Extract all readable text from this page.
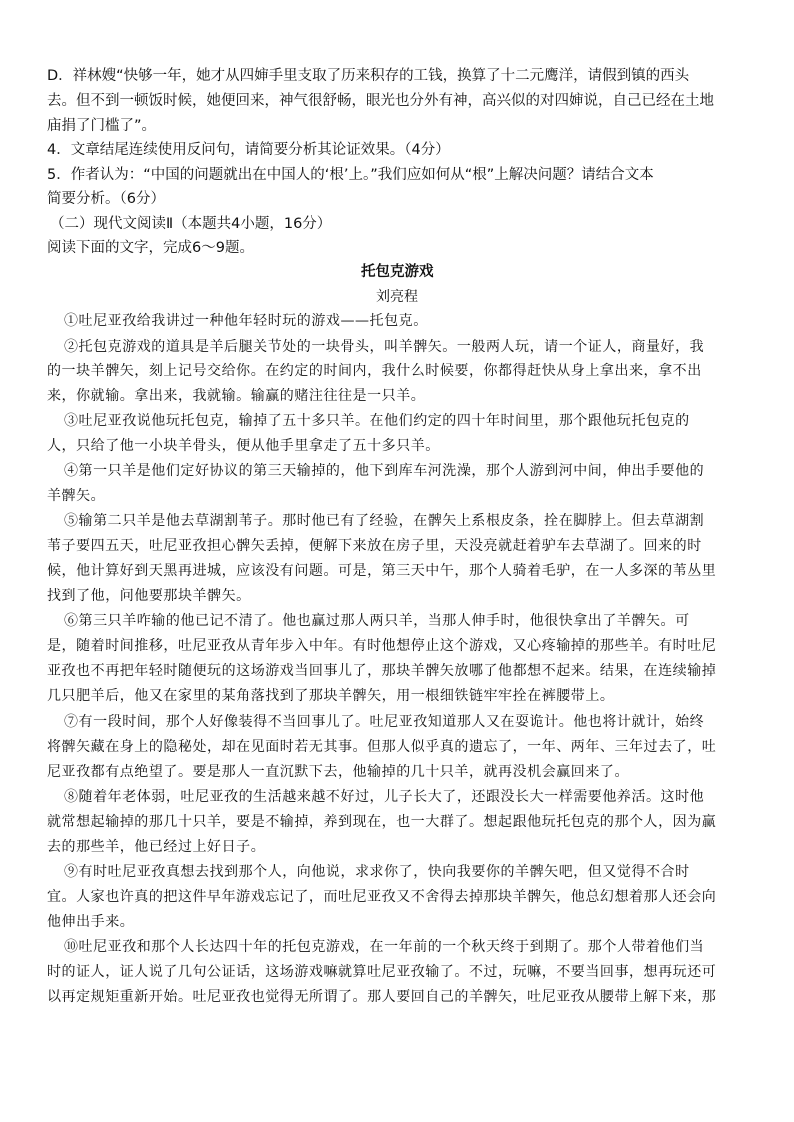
D．祥林嫂“快够一年，她才从四婶手里支取了历来积存的工钱，换算了十二元鹰洋，请假到镇的西头
去。但不到一顿饭时候，她便回来，神气很舒畅，眼光也分外有神，高兴似的对四婶说，自己已经在土地
庙捐了门槛了”。
4．文章结尾连续使用反问句，请简要分析其论证效果。（4分）
5．作者认为：“中国的问题就出在中国人的‘根’上。”我们应如何从“根”上解决问题？请结合文本
简要分析。（6分）
（二）现代文阅读Ⅱ（本题共4小题，16分）
阅读下面的文字，完成6～9题。
托包克游戏
刘亮程
①吐尼亚孜给我讲过一种他年轻时玩的游戏——托包克。
②托包克游戏的道具是羊后腿关节处的一块骨头，叫羊髀矢。一般两人玩，请一个证人，商量好，我
的一块羊髀矢，刻上记号交给你。在约定的时间内，我什么时候要，你都得赶快从身上拿出来，拿不出
来，你就输。拿出来，我就输。输赢的赌注往往是一只羊。
③吐尼亚孜说他玩托包克，输掉了五十多只羊。在他们约定的四十年时间里，那个跟他玩托包克的
人，只给了他一小块羊骨头，便从他手里拿走了五十多只羊。
④第一只羊是他们定好协议的第三天输掉的，他下到库车河洗澡，那个人游到河中间，伸出手要他的
羊髀矢。
⑤输第二只羊是他去草湖割苇子。那时他已有了经验，在髀矢上系根皮条，拴在脚脖上。但去草湖割
苇子要四五天，吐尼亚孜担心髀矢丢掉，便解下来放在房子里，天没亮就赶着驴车去草湖了。回来的时
候，他计算好到天黑再进城，应该没有问题。可是，第三天中午，那个人骑着毛驴，在一人多深的苇丛里
找到了他，问他要那块羊髀矢。
⑥第三只羊咋输的他已记不清了。他也赢过那人两只羊，当那人伸手时，他很快拿出了羊髀矢。可
是，随着时间推移，吐尼亚孜从青年步入中年。有时他想停止这个游戏，又心疼输掉的那些羊。有时吐尼
亚孜也不再把年轻时随便玩的这场游戏当回事儿了，那块羊髀矢放哪了他都想不起来。结果，在连续输掉
几只肥羊后，他又在家里的某角落找到了那块羊髀矢，用一根细铁链牢牢拴在裤腰带上。
⑦有一段时间，那个人好像装得不当回事儿了。吐尼亚孜知道那人又在耍诡计。他也将计就计，始终
将髀矢藏在身上的隐秘处，却在见面时若无其事。但那人似乎真的遗忘了，一年、两年、三年过去了，吐
尼亚孜都有点绝望了。要是那人一直沉默下去，他输掉的几十只羊，就再没机会赢回来了。
⑧随着年老体弱，吐尼亚孜的生活越来越不好过，儿子长大了，还跟没长大一样需要他养活。这时他
就常想起输掉的那几十只羊，要是不输掉，养到现在，也一大群了。想起跟他玩托包克的那个人，因为赢
去的那些羊，他已经过上好日子。
⑨有时吐尼亚孜真想去找到那个人，向他说，求求你了，快向我要你的羊髀矢吧，但又觉得不合时
宜。人家也许真的把这件早年游戏忘记了，而吐尼亚孜又不舍得去掉那块羊髀矢，他总幻想着那人还会向
他伸出手来。
⑩吐尼亚孜和那个人长达四十年的托包克游戏，在一年前的一个秋天终于到期了。那个人带着他们当
时的证人，证人说了几句公证话，这场游戏嘛就算吐尼亚孜输了。不过，玩嘛，不要当回事，想再玩还可
以再定规矩重新开始。吐尼亚孜也觉得无所谓了。那人要回自己的羊髀矢，吐尼亚孜从腰带上解下来，那
